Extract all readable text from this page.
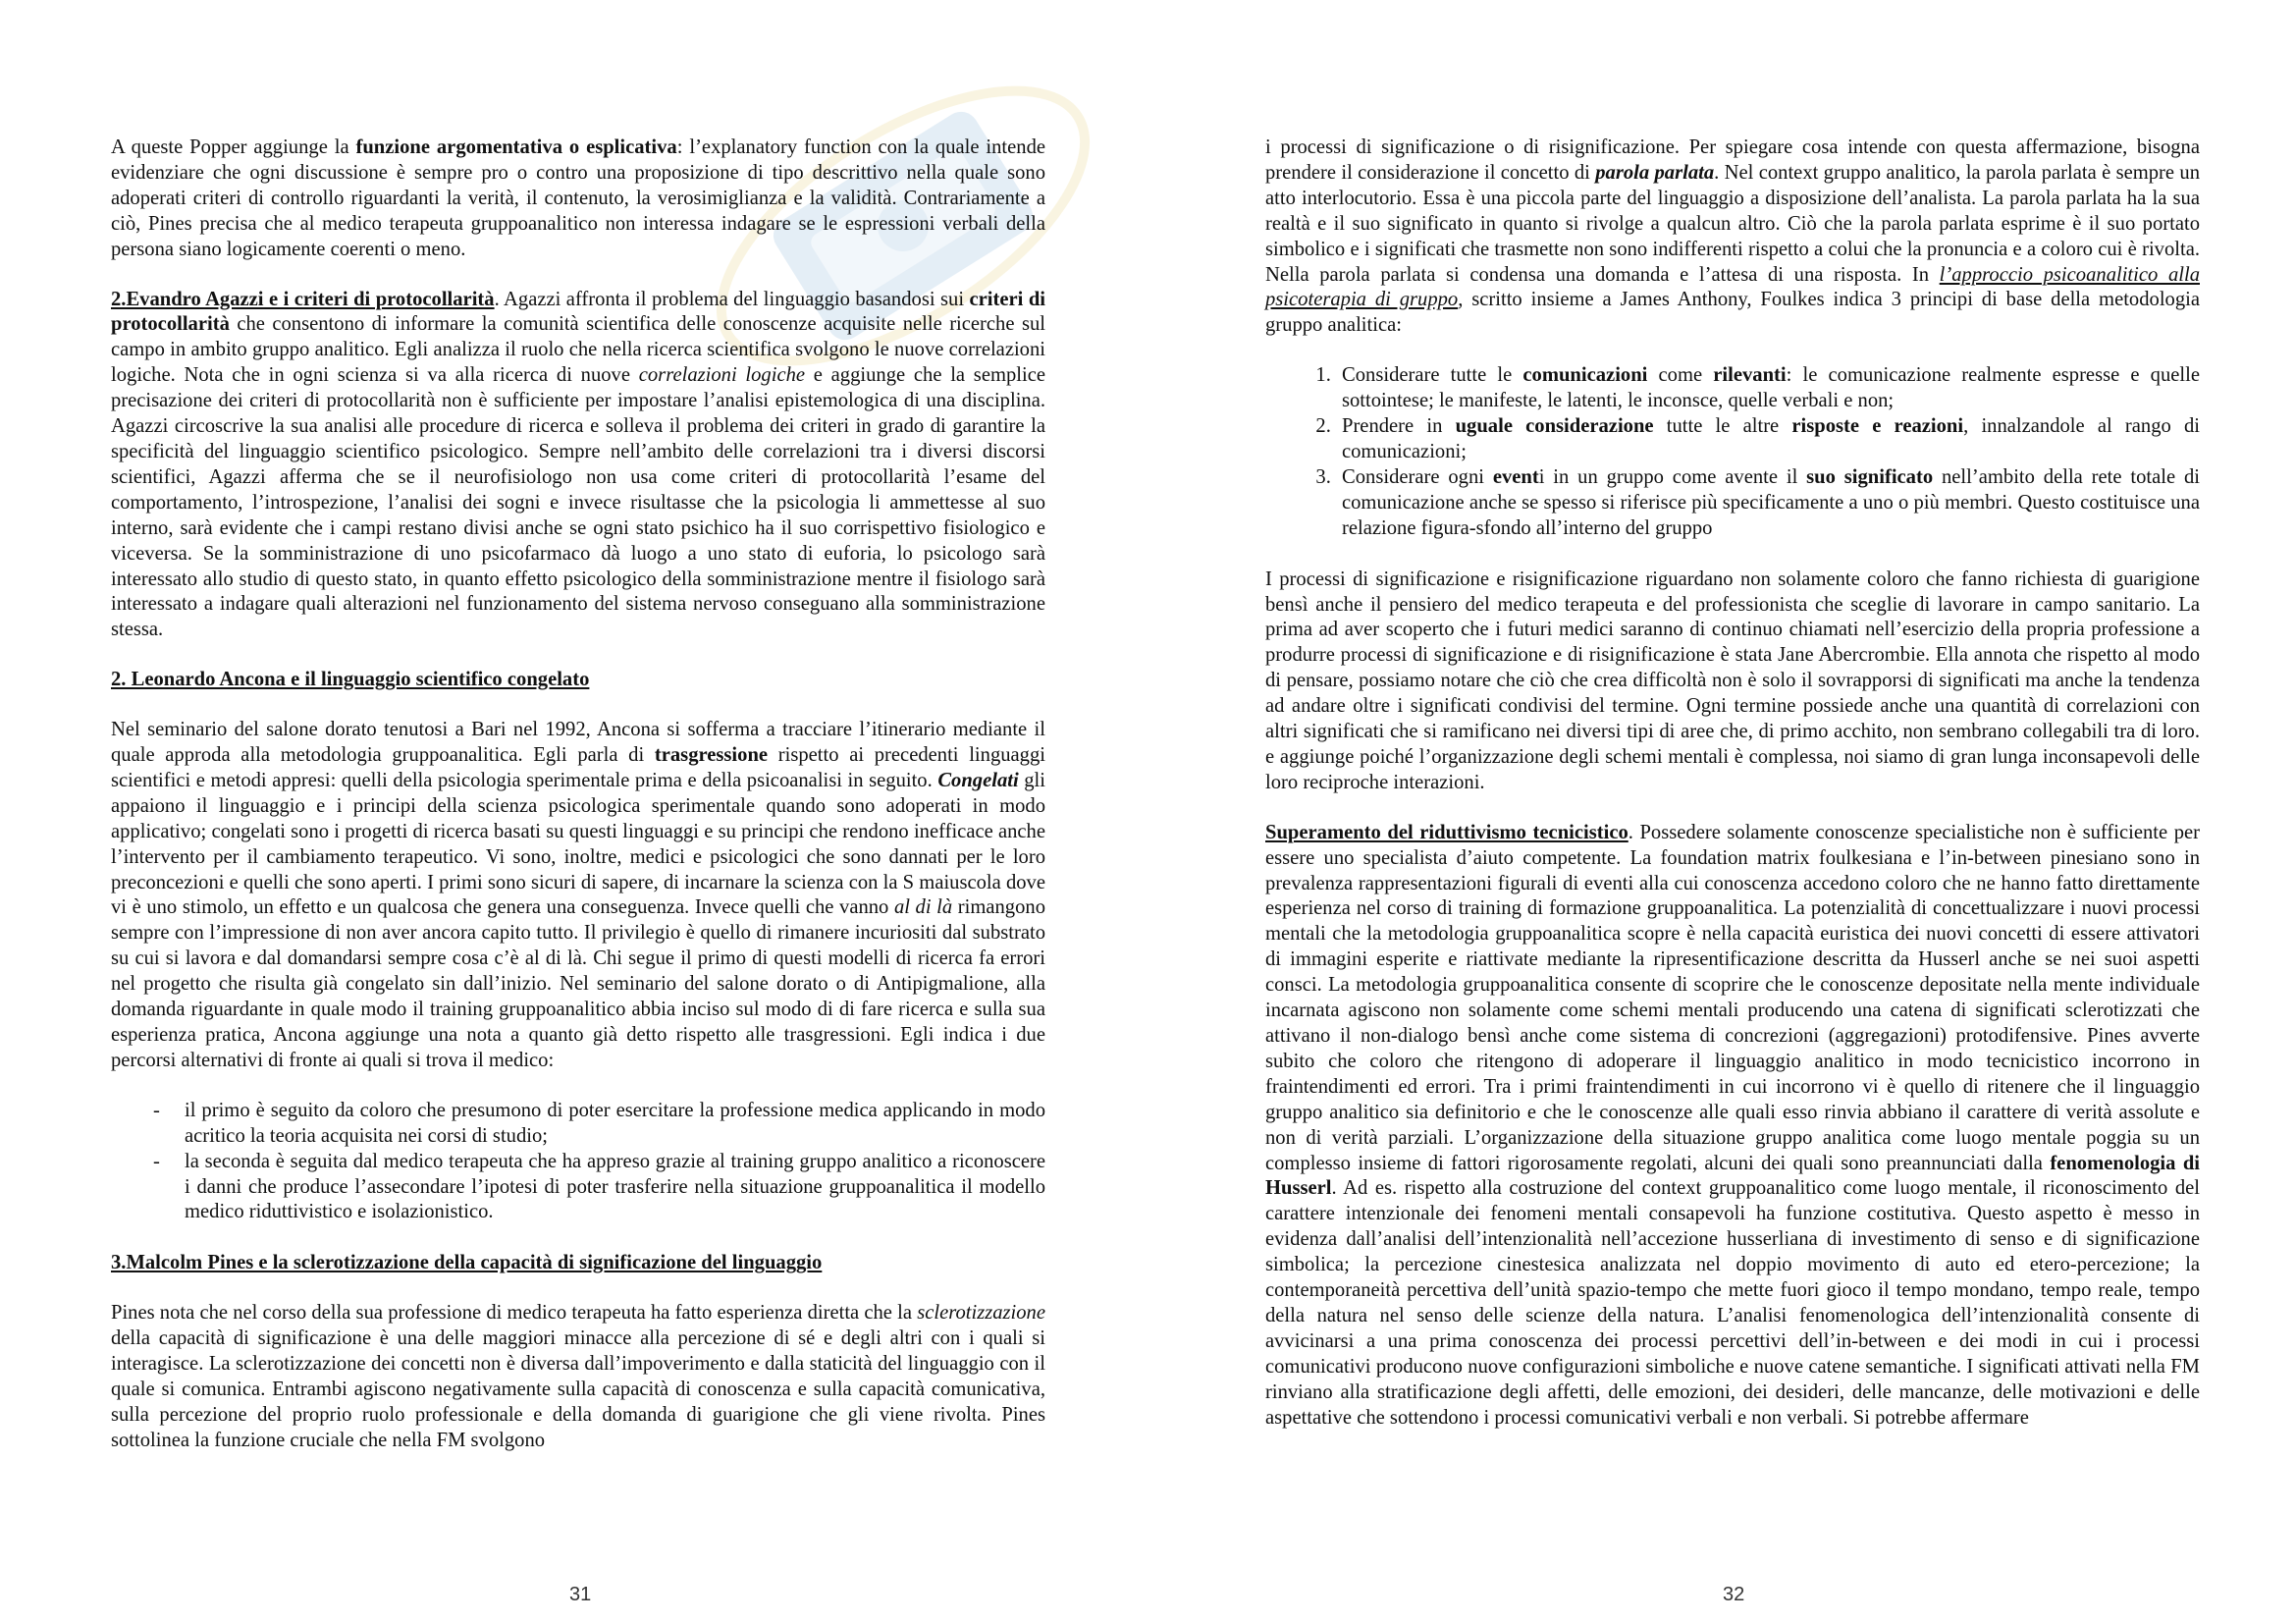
A queste Popper aggiunge la funzione argomentativa o esplicativa: l’explanatory function con la quale intende evidenziare che ogni discussione è sempre pro o contro una proposizione di tipo descrittivo nella quale sono adoperati criteri di controllo riguardanti la verità, il contenuto, la verosimiglianza e la validità. Contrariamente a ciò, Pines precisa che al medico terapeuta gruppoanalitico non interessa indagare se le espressioni verbali della persona siano logicamente coerenti o meno.

2.Evandro Agazzi e i criteri di protocollarità. Agazzi affronta il problema del linguaggio basandosi sui criteri di protocollarità che consentono di informare la comunità scientifica delle conoscenze acquisite nelle ricerche sul campo in ambito gruppo analitico. Egli analizza il ruolo che nella ricerca scientifica svolgono le nuove correlazioni logiche. Nota che in ogni scienza si va alla ricerca di nuove correlazioni logiche e aggiunge che la semplice precisazione dei criteri di protocollarità non è sufficiente per impostare l’analisi epistemologica di una disciplina. Agazzi circoscrive la sua analisi alle procedure di ricerca e solleva il problema dei criteri in grado di garantire la specificità del linguaggio scientifico psicologico. Sempre nell’ambito delle correlazioni tra i diversi discorsi scientifici, Agazzi afferma che se il neurofisiologo non usa come criteri di protocollarità l’esame del comportamento, l’introspezione, l’analisi dei sogni e invece risultasse che la psicologia li ammettesse al suo interno, sarà evidente che i campi restano divisi anche se ogni stato psichico ha il suo corrispettivo fisiologico e viceversa. Se la somministrazione di uno psicofarmaco dà luogo a uno stato di euforia, lo psicologo sarà interessato allo studio di questo stato, in quanto effetto psicologico della somministrazione mentre il fisiologo sarà interessato a indagare quali alterazioni nel funzionamento del sistema nervoso conseguano alla somministrazione stessa.

2. Leonardo Ancona e il linguaggio scientifico congelato

Nel seminario del salone dorato tenutosi a Bari nel 1992, Ancona si sofferma a tracciare l’itinerario mediante il quale approda alla metodologia gruppoanalitica. Egli parla di trasgressione rispetto ai precedenti linguaggi scientifici e metodi appresi: quelli della psicologia sperimentale prima e della psicoanalisi in seguito. Congelati gli appaiono il linguaggio e i principi della scienza psicologica sperimentale quando sono adoperati in modo applicativo; congelati sono i progetti di ricerca basati su questi linguaggi e su principi che rendono inefficace anche l’intervento per il cambiamento terapeutico. Vi sono, inoltre, medici e psicologici che sono dannati per le loro preconcezioni e quelli che sono aperti. I primi sono sicuri di sapere, di incarnare la scienza con la S maiuscola dove vi è uno stimolo, un effetto e un qualcosa che genera una conseguenza. Invece quelli che vanno al di là rimangono sempre con l’impressione di non aver ancora capito tutto. Il privilegio è quello di rimanere incuriositi dal substrato su cui si lavora e dal domandarsi sempre cosa c’è al di là. Chi segue il primo di questi modelli di ricerca fa errori nel progetto che risulta già congelato sin dall’inizio. Nel seminario del salone dorato o di Antipigmalione, alla domanda riguardante in quale modo il training gruppoanalitico abbia inciso sul modo di di fare ricerca e sulla sua esperienza pratica, Ancona aggiunge una nota a quanto già detto rispetto alle trasgressioni. Egli indica i due percorsi alternativi di fronte ai quali si trova il medico:

- il primo è seguito da coloro che presumono di poter esercitare la professione medica applicando in modo acritico la teoria acquisita nei corsi di studio;
- la seconda è seguita dal medico terapeuta che ha appreso grazie al training gruppo analitico a riconoscere i danni che produce l’assecondare l’ipotesi di poter trasferire nella situazione gruppoanalitica il modello medico riduttivistico e isolazionistico.

3.Malcolm Pines e la sclerotizzazione della capacità di significazione del linguaggio

Pines nota che nel corso della sua professione di medico terapeuta ha fatto esperienza diretta che la sclerotizzazione della capacità di significazione è una delle maggiori minacce alla percezione di sé e degli altri con i quali si interagisce. La sclerotizzazione dei concetti non è diversa dall’impoverimento e dalla staticità del linguaggio con il quale si comunica. Entrambi agiscono negativamente sulla capacità di conoscenza e sulla capacità comunicativa, sulla percezione del proprio ruolo professionale e della domanda di guarigione che gli viene rivolta. Pines sottolinea la funzione cruciale che nella FM svolgono

i processi di significazione o di risignificazione. Per spiegare cosa intende con questa affermazione, bisogna prendere il considerazione il concetto di parola parlata. Nel context gruppo analitico, la parola parlata è sempre un atto interlocutorio. Essa è una piccola parte del linguaggio a disposizione dell’analista. La parola parlata ha la sua realtà e il suo significato in quanto si rivolge a qualcun altro. Ciò che la parola parlata esprime è il suo portato simbolico e i significati che trasmette non sono indifferenti rispetto a colui che la pronuncia e a coloro cui è rivolta. Nella parola parlata si condensa una domanda e l’attesa di una risposta. In l’approccio psicoanalitico alla psicoterapia di gruppo, scritto insieme a James Anthony, Foulkes indica 3 principi di base della metodologia gruppo analitica:

1. Considerare tutte le comunicazioni come rilevanti: le comunicazione realmente espresse e quelle sottointese; le manifeste, le latenti, le inconsce, quelle verbali e non;
2. Prendere in uguale considerazione tutte le altre risposte e reazioni, innalzandole al rango di comunicazioni;
3. Considerare ogni eventi in un gruppo come avente il suo significato nell’ambito della rete totale di comunicazione anche se spesso si riferisce più specificamente a uno o più membri. Questo costituisce una relazione figura-sfondo all’interno del gruppo

I processi di significazione e risignificazione riguardano non solamente coloro che fanno richiesta di guarigione bensì anche il pensiero del medico terapeuta e del professionista che sceglie di lavorare in campo sanitario. La prima ad aver scoperto che i futuri medici saranno di continuo chiamati nell’esercizio della propria professione a produrre processi di significazione e di risignificazione è stata Jane Abercrombie. Ella annota che rispetto al modo di pensare, possiamo notare che ciò che crea difficoltà non è solo il sovrapporsi di significati ma anche la tendenza ad andare oltre i significati condivisi del termine. Ogni termine possiede anche una quantità di correlazioni con altri significati che si ramificano nei diversi tipi di aree che, di primo acchito, non sembrano collegabili tra di loro. e aggiunge poiché l’organizzazione degli schemi mentali è complessa, noi siamo di gran lunga inconsapevoli delle loro reciproche interazioni.

Superamento del riduttivismo tecnicistico. Possedere solamente conoscenze specialistiche non è sufficiente per essere uno specialista d’aiuto competente. La foundation matrix foulkesiana e l’in-between pinesiano sono in prevalenza rappresentazioni figurali di eventi alla cui conoscenza accedono coloro che ne hanno fatto direttamente esperienza nel corso di training di formazione gruppoanalitica. La potenzialità di concettualizzare i nuovi processi mentali che la metodologia gruppoanalitica scopre è nella capacità euristica dei nuovi concetti di essere attivatori di immagini esperite e riattivate mediante la ripresentificazione descritta da Husserl anche se nei suoi aspetti consci. La metodologia gruppoanalitica consente di scoprire che le conoscenze depositate nella mente individuale incarnata agiscono non solamente come schemi mentali producendo una catena di significati sclerotizzati che attivano il non-dialogo bensì anche come sistema di concrezioni (aggregazioni) protodifensive. Pines avverte subito che coloro che ritengono di adoperare il linguaggio analitico in modo tecnicistico incorrono in fraintendimenti ed errori. Tra i primi fraintendimenti in cui incorrono vi è quello di ritenere che il linguaggio gruppo analitico sia definitorio e che le conoscenze alle quali esso rinvia abbiano il carattere di verità assolute e non di verità parziali. L’organizzazione della situazione gruppo analitica come luogo mentale poggia su un complesso insieme di fattori rigorosamente regolati, alcuni dei quali sono preannunciati dalla fenomenologia di Husserl. Ad es. rispetto alla costruzione del context gruppoanalitico come luogo mentale, il riconoscimento del carattere intenzionale dei fenomeni mentali consapevoli ha funzione costitutiva. Questo aspetto è messo in evidenza dall’analisi dell’intenzionalità nell’accezione husserliana di investimento di senso e di significazione simbolica; la percezione cinestesica analizzata nel doppio movimento di auto ed etero-percezione; la contemporaneità percettiva dell’unità spazio-tempo che mette fuori gioco il tempo mondano, tempo reale, tempo della natura nel senso delle scienze della natura. L’analisi fenomenologica dell’intenzionalità consente di avvicinarsi a una prima conoscenza dei processi percettivi dell’in-between e dei modi in cui i processi comunicativi producono nuove configurazioni simboliche e nuove catene semantiche. I significati attivati nella FM rinviano alla stratificazione degli affetti, delle emozioni, dei desideri, delle mancanze, delle motivazioni e delle aspettative che sottendono i processi comunicativi verbali e non verbali. Si potrebbe affermare

31	32
